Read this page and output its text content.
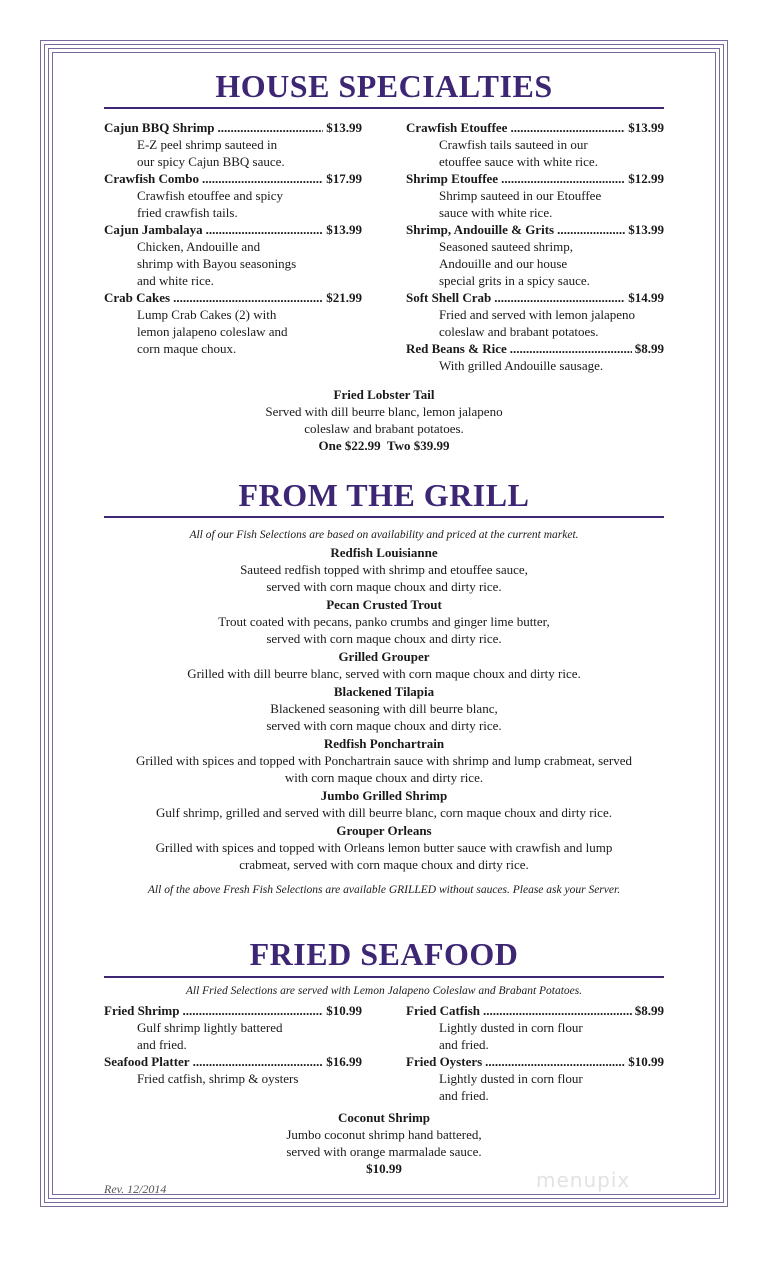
HOUSE SPECIALTIES
Cajun BBQ Shrimp .....	$13.99
E-Z peel shrimp sauteed in
our spicy Cajun BBQ sauce.
Crawfish Combo .....	$17.99
Crawfish etouffee and spicy
fried crawfish tails.
Cajun Jambalaya .....	$13.99
Chicken, Andouille and
shrimp with Bayou seasonings
and white rice.
Crab Cakes .....	$21.99
Lump Crab Cakes (2) with
lemon jalapeno coleslaw and
corn maque choux.
Crawfish Etouffee .....	$13.99
Crawfish tails sauteed in our
etouffee sauce with white rice.
Shrimp Etouffee .....	$12.99
Shrimp sauteed in our Etouffee
sauce with white rice.
Shrimp, Andouille & Grits .....	$13.99
Seasoned sauteed shrimp,
Andouille and our house
special grits in a spicy sauce.
Soft Shell Crab .....	$14.99
Fried and served with lemon jalapeno
coleslaw and brabant potatoes.
Red Beans & Rice .....	$8.99
With grilled Andouille sausage.
Fried Lobster Tail
Served with dill beurre blanc, lemon jalapeno
coleslaw and brabant potatoes.
One $22.99  Two $39.99
FROM THE GRILL
All of our Fish Selections are based on availability and priced at the current market.
Redfish Louisianne
Sauteed redfish topped with shrimp and etouffee sauce,
served with corn maque choux and dirty rice.
Pecan Crusted Trout
Trout coated with pecans, panko crumbs and ginger lime butter,
served with corn maque choux and dirty rice.
Grilled Grouper
Grilled with dill beurre blanc, served with corn maque choux and dirty rice.
Blackened Tilapia
Blackened seasoning with dill beurre blanc,
served with corn maque choux and dirty rice.
Redfish Ponchartrain
Grilled with spices and topped with Ponchartrain sauce with shrimp and lump crabmeat, served
with corn maque choux and dirty rice.
Jumbo Grilled Shrimp
Gulf shrimp, grilled and served with dill beurre blanc, corn maque choux and dirty rice.
Grouper Orleans
Grilled with spices and topped with Orleans lemon butter sauce with crawfish and lump
crabmeat, served with corn maque choux and dirty rice.
All of the above Fresh Fish Selections are available GRILLED without sauces. Please ask your Server.
FRIED SEAFOOD
All Fried Selections are served with Lemon Jalapeno Coleslaw and Brabant Potatoes.
Fried Shrimp .....	$10.99
Gulf shrimp lightly battered
and fried.
Seafood Platter .....	$16.99
Fried catfish, shrimp & oysters
Fried Catfish .....	$8.99
Lightly dusted in corn flour
and fried.
Fried Oysters .....	$10.99
Lightly dusted in corn flour
and fried.
Coconut Shrimp
Jumbo coconut shrimp hand battered,
served with orange marmalade sauce.
$10.99
Rev. 12/2014	menupix
